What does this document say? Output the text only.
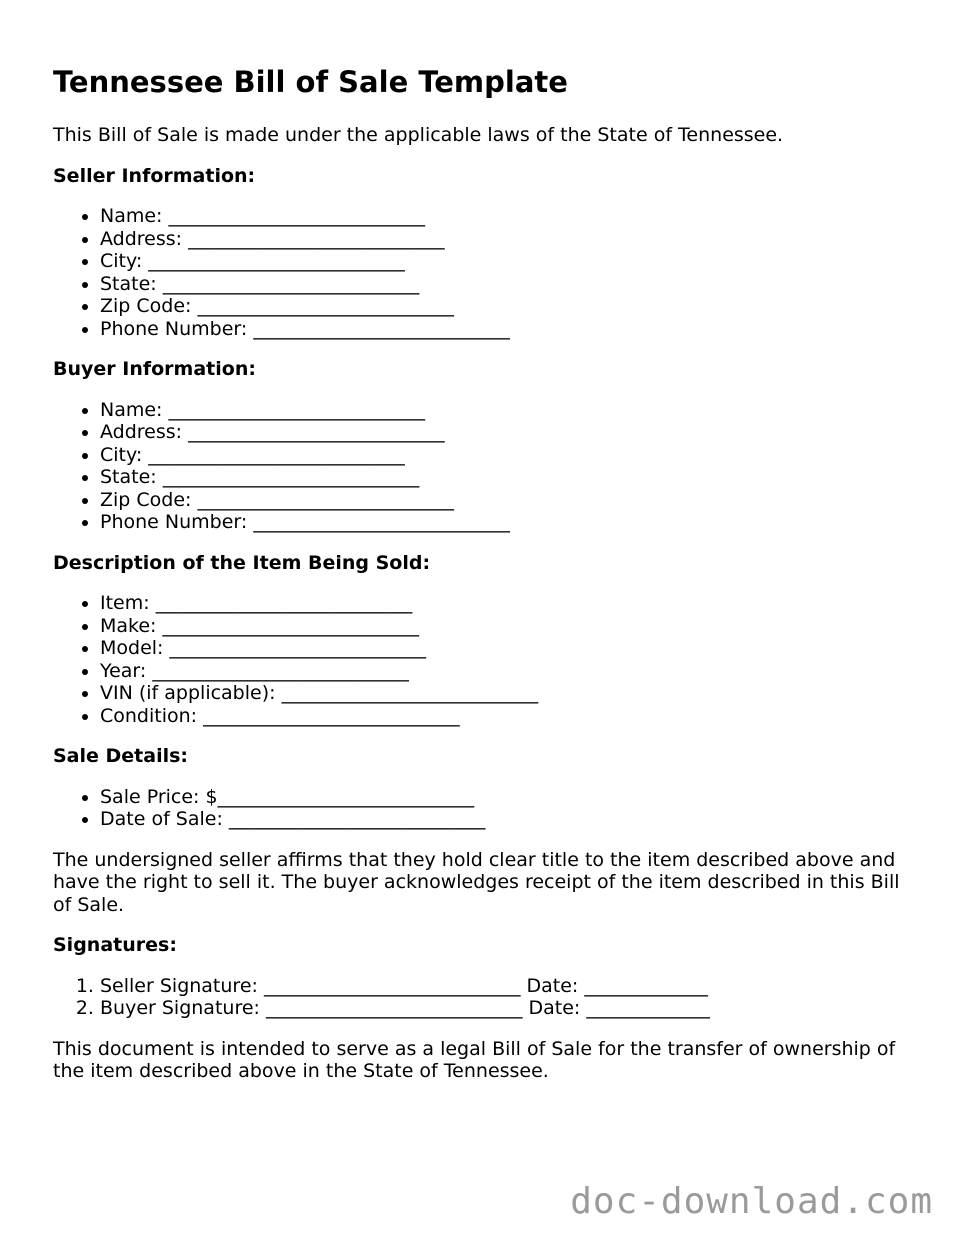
Tennessee Bill of Sale Template

This Bill of Sale is made under the applicable laws of the State of Tennessee.

Seller Information:
• Name: ___________________________
• Address: ___________________________
• City: ___________________________
• State: ___________________________
• Zip Code: ___________________________
• Phone Number: ___________________________
Buyer Information:
• Name: ___________________________
• Address: ___________________________
• City: ___________________________
• State: ___________________________
• Zip Code: ___________________________
• Phone Number: ___________________________
Description of the Item Being Sold:
• Item: ___________________________
• Make: ___________________________
• Model: ___________________________
• Year: ___________________________
• VIN (if applicable): ___________________________
• Condition: ___________________________
Sale Details:
• Sale Price: $___________________________
• Date of Sale: ___________________________

The undersigned seller affirms that they hold clear title to the item described above and have the right to sell it. The buyer acknowledges receipt of the item described in this Bill of Sale.

Signatures:
1. Seller Signature: ___________________________ Date: _____________
2. Buyer Signature: ___________________________ Date: _____________

This document is intended to serve as a legal Bill of Sale for the transfer of ownership of the item described above in the State of Tennessee.

doc-download.com
